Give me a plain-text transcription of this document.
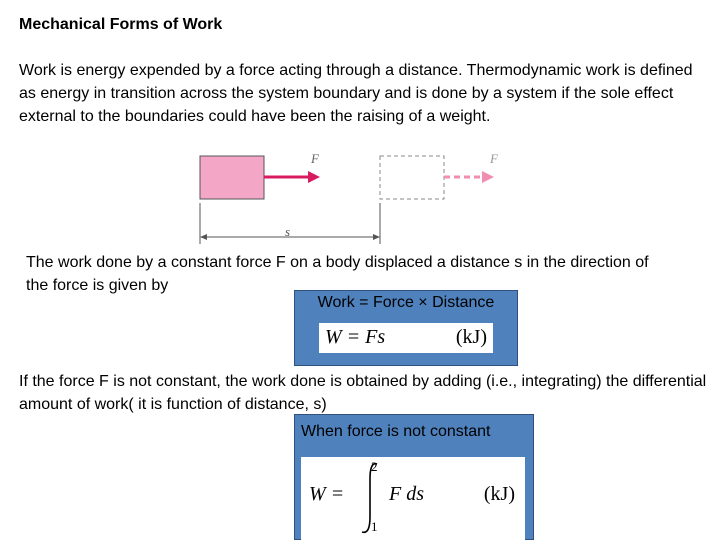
Mechanical Forms of Work
Work is energy expended by a force acting through a distance. Thermodynamic work is defined as energy in transition across the system boundary and is done by a system if the sole effect external to the boundaries could have been the raising of a weight.
F	F
s
The work done by a constant force F on a body displaced a distance s in the direction of the force is given by
Work = Force × Distance
W = Fs	(kJ)
If the force F is not constant, the work done is obtained by adding (i.e., integrating) the differential amount of work( it is function of distance, s)
When force is not constant
W =
2
1
F ds	(kJ)
